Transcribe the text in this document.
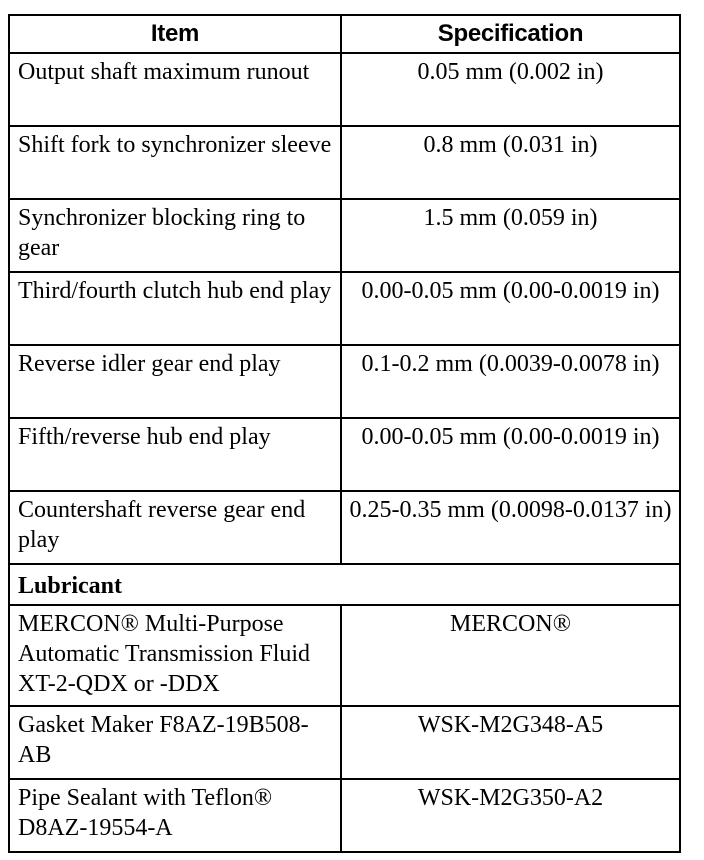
Item	Specification
Output shaft maximum runout	0.05 mm (0.002 in)
Shift fork to synchronizer sleeve	0.8 mm (0.031 in)
Synchronizer blocking ring to gear	1.5 mm (0.059 in)
Third/fourth clutch hub end play	0.00-0.05 mm (0.00-0.0019 in)
Reverse idler gear end play	0.1-0.2 mm (0.0039-0.0078 in)
Fifth/reverse hub end play	0.00-0.05 mm (0.00-0.0019 in)
Countershaft reverse gear end play	0.25-0.35 mm (0.0098-0.0137 in)
Lubricant	
MERCON® Multi-Purpose Automatic Transmission Fluid XT-2-QDX or -DDX	MERCON®
Gasket Maker F8AZ-19B508-AB	WSK-M2G348-A5
Pipe Sealant with Teflon® D8AZ-19554-A	WSK-M2G350-A2
